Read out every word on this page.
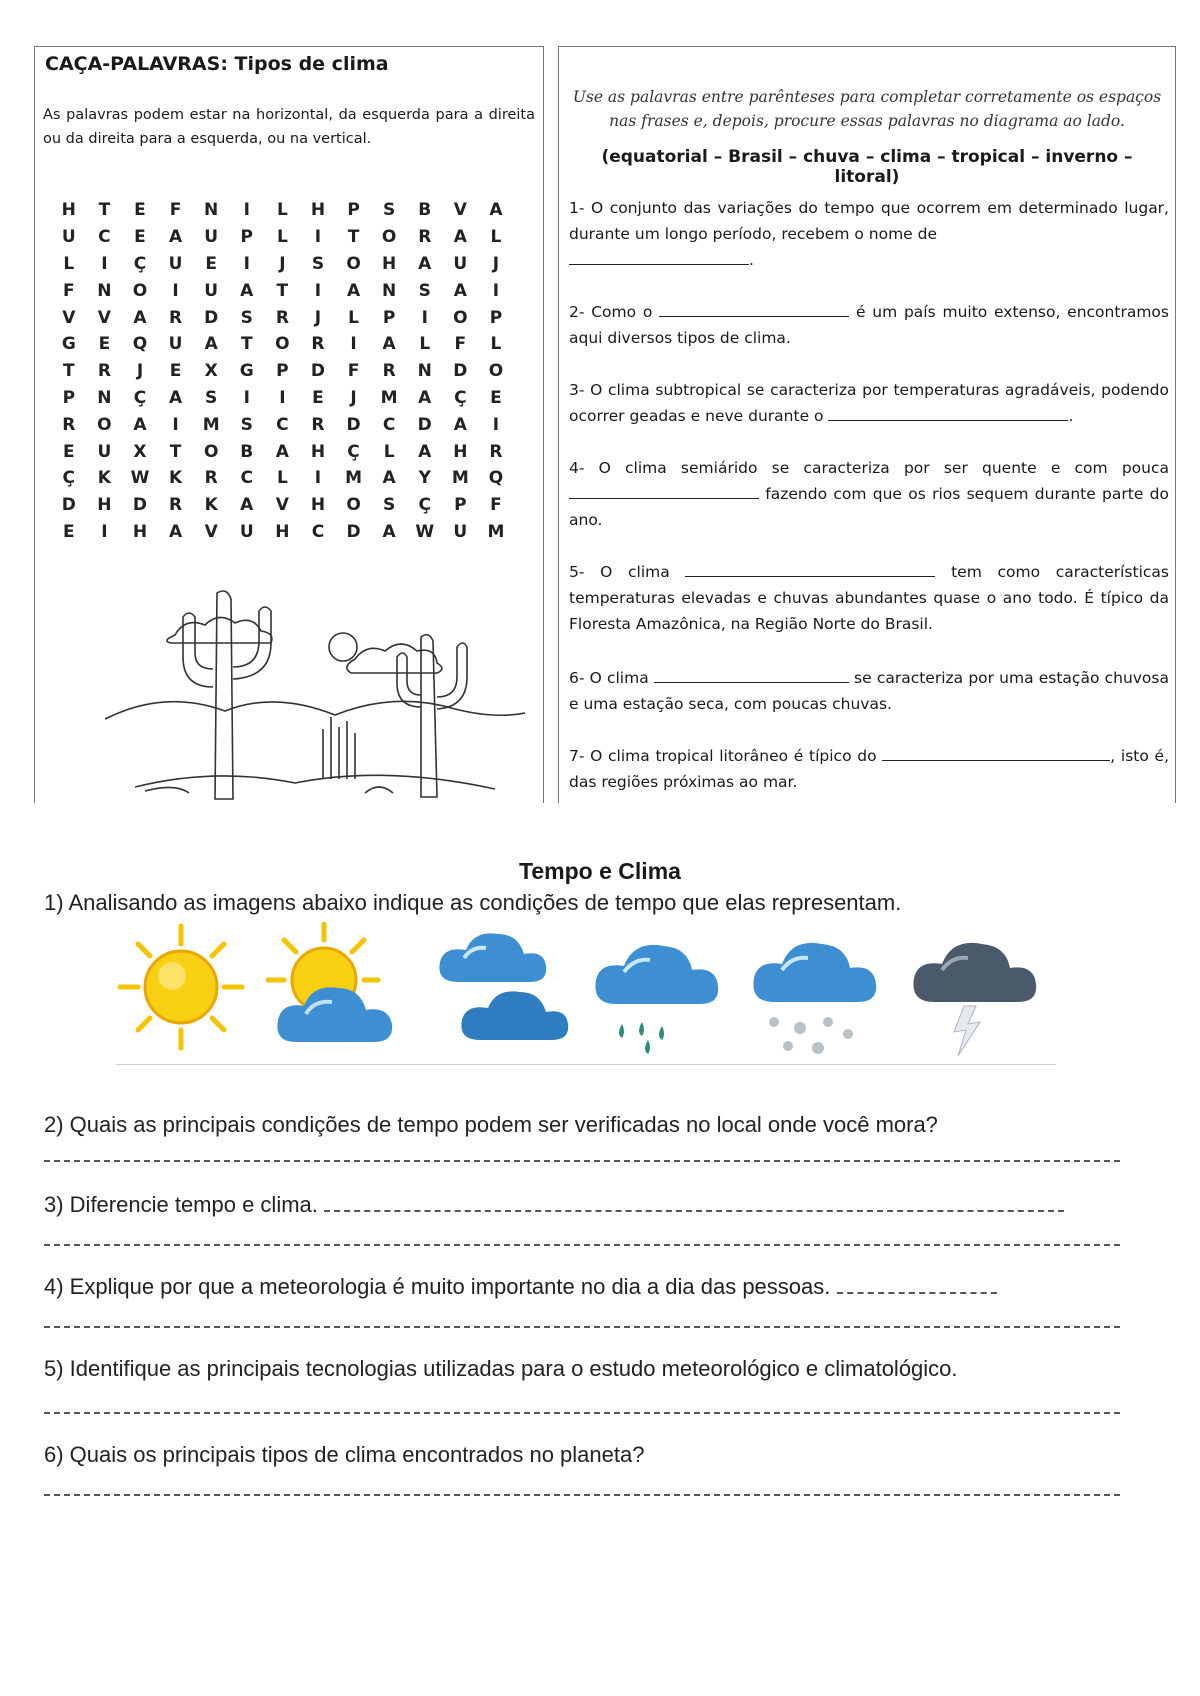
CAÇA-PALAVRAS: Tipos de clima
As palavras podem estar na horizontal, da esquerda para a direita ou da direita para a esquerda, ou na vertical.
H	T	E	F	N	I	L	H	P	S	B	V	A
U	C	E	A	U	P	L	I	T	O	R	A	L
L	I	Ç	U	E	I	J	S	O	H	A	U	J
F	N	O	I	U	A	T	I	A	N	S	A	I
V	V	A	R	D	S	R	J	L	P	I	O	P
G	E	Q	U	A	T	O	R	I	A	L	F	L
T	R	J	E	X	G	P	D	F	R	N	D	O
P	N	Ç	A	S	I	I	E	J	M	A	Ç	E
R	O	A	I	M	S	C	R	D	C	D	A	I
E	U	X	T	O	B	A	H	Ç	L	A	H	R
Ç	K	W	K	R	C	L	I	M	A	Y	M	Q
D	H	D	R	K	A	V	H	O	S	Ç	P	F
E	I	H	A	V	U	H	C	D	A	W	U	M
Use as palavras entre parênteses para completar corretamente os espaços nas frases e, depois, procure essas palavras no diagrama ao lado.
(equatorial – Brasil – chuva – clima – tropical – inverno – litoral)
1- O conjunto das variações do tempo que ocorrem em determinado lugar, durante um longo período, recebem o nome de
.
2- Como o	é um país muito extenso, encontramos aqui diversos tipos de clima.
3- O clima subtropical se caracteriza por temperaturas agradáveis, podendo ocorrer geadas e neve durante o	.
4- O clima semiárido se caracteriza por ser quente e com pouca  fazendo com que os rios sequem durante parte do ano.
5- O clima	tem como características temperaturas elevadas e chuvas abundantes quase o ano todo. É típico da Floresta Amazônica, na Região Norte do Brasil.
6- O clima	se caracteriza por uma estação chuvosa e uma estação seca, com poucas chuvas.
7- O clima tropical litorâneo é típico do	, isto é, das regiões próximas ao mar.
Tempo e Clima
1) Analisando as imagens abaixo indique as condições de tempo que elas representam.
2) Quais as principais condições de tempo podem ser verificadas no local onde você mora?
3) Diferencie tempo e clima.
4) Explique por que a meteorologia é muito importante no dia a dia das pessoas.
5) Identifique as principais tecnologias utilizadas para o estudo meteorológico e climatológico.
6) Quais os principais tipos de clima encontrados no planeta?
